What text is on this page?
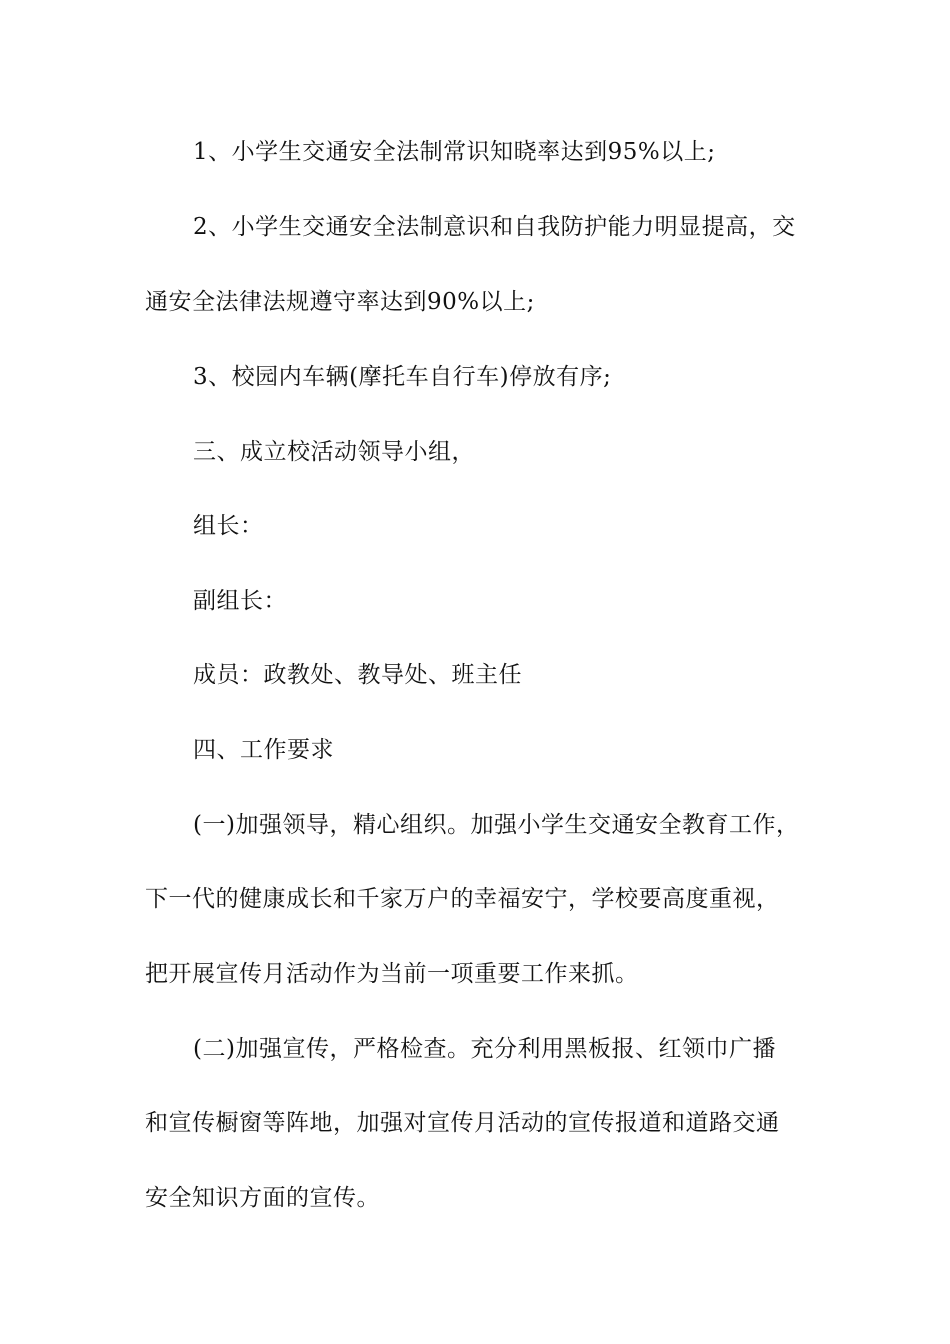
1、小学生交通安全法制常识知晓率达到95%以上;
2、小学生交通安全法制意识和自我防护能力明显提高，交
通安全法律法规遵守率达到90%以上;
3、校园内车辆(摩托车自行车)停放有序;
三、成立校活动领导小组，
组长：
副组长：
成员：政教处、教导处、班主任
四、工作要求
(一)加强领导，精心组织。加强小学生交通安全教育工作，
下一代的健康成长和千家万户的幸福安宁，学校要高度重视，
把开展宣传月活动作为当前一项重要工作来抓。
(二)加强宣传，严格检查。充分利用黑板报、红领巾广播
和宣传橱窗等阵地，加强对宣传月活动的宣传报道和道路交通
安全知识方面的宣传。
